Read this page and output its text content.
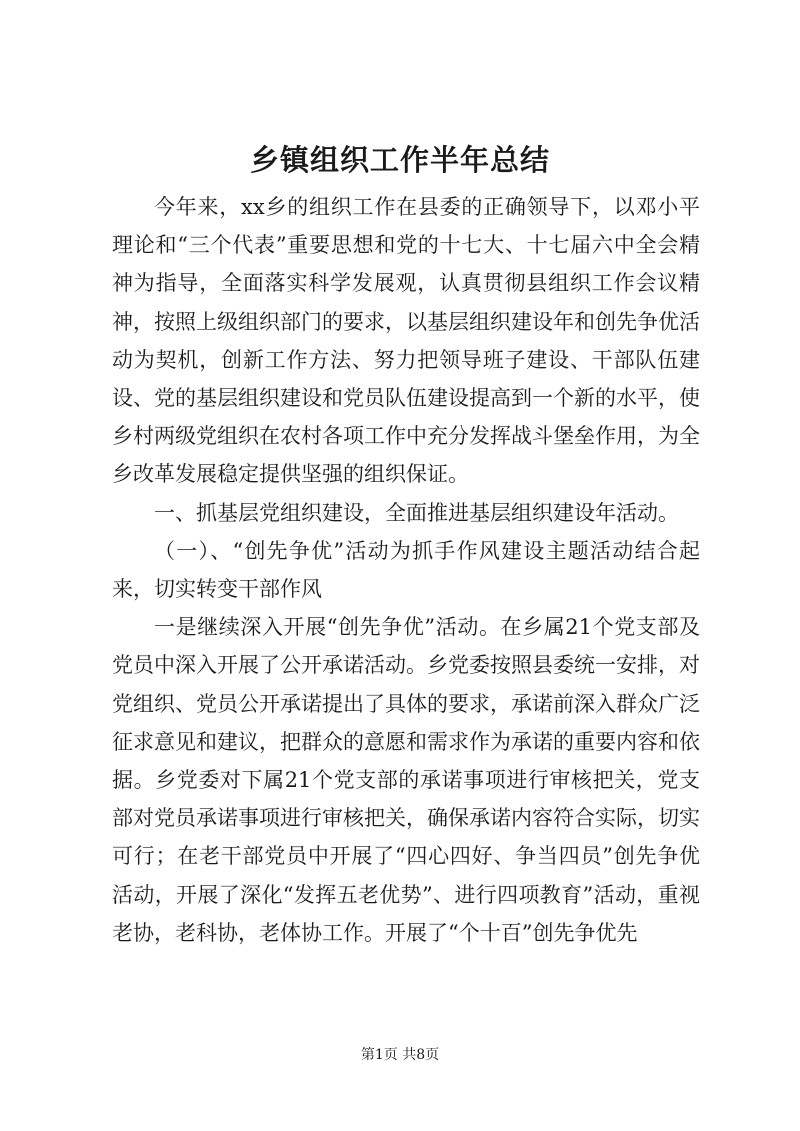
乡镇组织工作半年总结

今年来，xx乡的组织工作在县委的正确领导下，以邓小平理论和“三个代表”重要思想和党的十七大、十七届六中全会精神为指导，全面落实科学发展观，认真贯彻县组织工作会议精神，按照上级组织部门的要求，以基层组织建设年和创先争优活动为契机，创新工作方法、努力把领导班子建设、干部队伍建设、党的基层组织建设和党员队伍建设提高到一个新的水平，使乡村两级党组织在农村各项工作中充分发挥战斗堡垒作用，为全乡改革发展稳定提供坚强的组织保证。

一、抓基层党组织建设，全面推进基层组织建设年活动。

（一）、“创先争优”活动为抓手作风建设主题活动结合起来，切实转变干部作风

一是继续深入开展“创先争优”活动。在乡属21个党支部及党员中深入开展了公开承诺活动。乡党委按照县委统一安排，对党组织、党员公开承诺提出了具体的要求，承诺前深入群众广泛征求意见和建议，把群众的意愿和需求作为承诺的重要内容和依据。乡党委对下属21个党支部的承诺事项进行审核把关，党支部对党员承诺事项进行审核把关，确保承诺内容符合实际，切实可行；在老干部党员中开展了“四心四好、争当四员”创先争优活动，开展了深化“发挥五老优势”、进行四项教育”活动，重视老协，老科协，老体协工作。开展了“个十百”创先争优先

第1页 共8页
